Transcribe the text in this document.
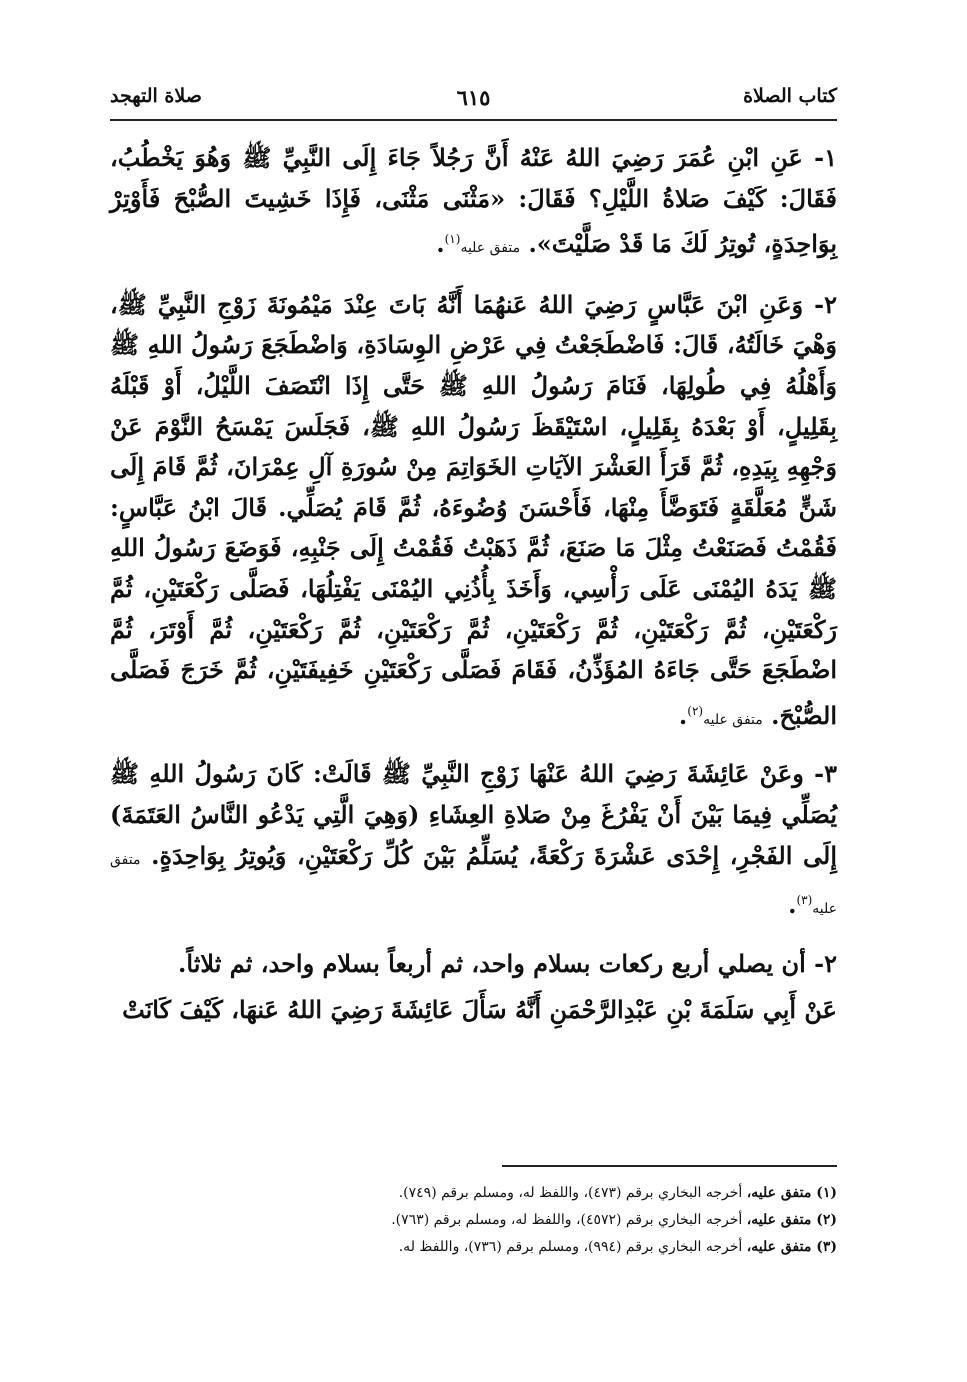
كتاب الصلاة
٦١٥
صلاة التهجد

١- عَنِ ابْنِ عُمَرَ رَضِيَ اللهُ عَنْهُ أَنَّ رَجُلاً جَاءَ إِلَى النَّبِيِّ ﷺ وَهُوَ يَخْطُبُ، فَقَالَ: كَيْفَ صَلاةُ اللَّيْلِ؟ فَقَالَ: «مَثْنَى مَثْنَى، فَإِذَا خَشِيتَ الصُّبْحَ فَأَوْتِرْ بِوَاحِدَةٍ، تُوتِرُ لَكَ مَا قَدْ صَلَّيْتَ». متفق عليه$^{(١)}$.

٢- وَعَنِ ابْنَ عَبَّاسٍ رَضِيَ اللهُ عَنهُمَا أَنَّهُ بَاتَ عِنْدَ مَيْمُونَةَ زَوْجِ النَّبِيِّ ﷺ، وَهْيَ خَالَتُهُ، قَالَ: فَاضْطَجَعْتُ فِي عَرْضِ الوِسَادَةِ، وَاضْطَجَعَ رَسُولُ اللهِ ﷺ وَأَهْلُهُ فِي طُولِهَا، فَنَامَ رَسُولُ اللهِ ﷺ حَتَّى إِذَا انْتَصَفَ اللَّيْلُ، أَوْ قَبْلَهُ بِقَلِيلٍ، أَوْ بَعْدَهُ بِقَلِيلٍ، اسْتَيْقَظَ رَسُولُ اللهِ ﷺ، فَجَلَسَ يَمْسَحُ النَّوْمَ عَنْ وَجْهِهِ بِيَدِهِ، ثُمَّ قَرَأَ العَشْرَ الآيَاتِ الخَوَاتِمَ مِنْ سُورَةِ آلِ عِمْرَانَ، ثُمَّ قَامَ إِلَى شَنٍّ مُعَلَّقَةٍ فَتَوَضَّأَ مِنْهَا، فَأَحْسَنَ وُضُوءَهُ، ثُمَّ قَامَ يُصَلِّي. قَالَ ابْنُ عَبَّاسٍ: فَقُمْتُ فَصَنَعْتُ مِثْلَ مَا صَنَعَ، ثُمَّ ذَهَبْتُ فَقُمْتُ إِلَى جَنْبِهِ، فَوَضَعَ رَسُولُ اللهِ ﷺ يَدَهُ اليُمْنَى عَلَى رَأْسِي، وَأَخَذَ بِأُذُنِي اليُمْنَى يَفْتِلُهَا، فَصَلَّى رَكْعَتَيْنِ، ثُمَّ رَكْعَتَيْنِ، ثُمَّ رَكْعَتَيْنِ، ثُمَّ رَكْعَتَيْنِ، ثُمَّ رَكْعَتَيْنِ، ثُمَّ رَكْعَتَيْنِ، ثُمَّ أَوْتَرَ، ثُمَّ اضْطَجَعَ حَتَّى جَاءَهُ المُؤَذِّنُ، فَقَامَ فَصَلَّى رَكْعَتَيْنِ خَفِيفَتَيْنِ، ثُمَّ خَرَجَ فَصَلَّى الصُّبْحَ. متفق عليه$^{(٢)}$.

٣- وعَنْ عَائِشَةَ رَضِيَ اللهُ عَنْهَا زَوْجِ النَّبِيِّ ﷺ قَالَتْ: كَانَ رَسُولُ اللهِ ﷺ يُصَلِّي فِيمَا بَيْنَ أَنْ يَفْرُغَ مِنْ صَلاةِ العِشَاءِ (وَهِيَ الَّتِي يَدْعُو النَّاسُ العَتَمَةَ) إِلَى الفَجْرِ، إِحْدَى عَشْرَةَ رَكْعَةً، يُسَلِّمُ بَيْنَ كُلِّ رَكْعَتَيْنِ، وَيُوتِرُ بِوَاحِدَةٍ. متفق عليه$^{(٣)}$.

٢- أن يصلي أربع ركعات بسلام واحد، ثم أربعاً بسلام واحد، ثم ثلاثاً.

عَنْ أَبِي سَلَمَةَ بْنِ عَبْدِالرَّحْمَنِ أَنَّهُ سَأَلَ عَائِشَةَ رَضِيَ اللهُ عَنهَا، كَيْفَ كَانَتْ

(١) متفق عليه، أخرجه البخاري برقم (٤٧٣)، واللفظ له، ومسلم برقم (٧٤٩).

(٢) متفق عليه، أخرجه البخاري برقم (٤٥٧٢)، واللفظ له، ومسلم برقم (٧٦٣).

(٣) متفق عليه، أخرجه البخاري برقم (٩٩٤)، ومسلم برقم (٧٣٦)، واللفظ له.
